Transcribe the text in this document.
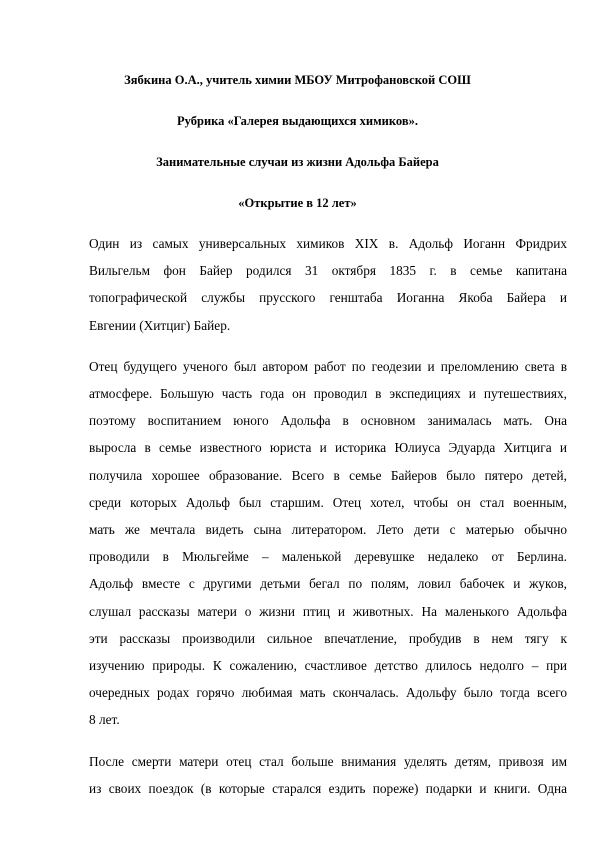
Зябкина О.А., учитель химии МБОУ Митрофановской СОШ
Рубрика «Галерея выдающихся химиков».
Занимательные случаи из жизни Адольфа Байера
«Открытие в 12 лет»

Один из самых универсальных химиков XIX в. Адольф Иоганн Фридрих
Вильгельм фон Байер родился 31 октября 1835 г. в семье капитана
топографической службы прусского генштаба Иоганна Якоба Байера и
Евгении (Хитциг) Байер.

Отец будущего ученого был автором работ по геодезии и преломлению света в
атмосфере. Большую часть года он проводил в экспедициях и путешествиях,
поэтому воспитанием юного Адольфа в основном занималась мать. Она
выросла в семье известного юриста и историка Юлиуса Эдуарда Хитцига и
получила хорошее образование. Всего в семье Байеров было пятеро детей,
среди которых Адольф был старшим. Отец хотел, чтобы он стал военным,
мать же мечтала видеть сына литератором. Лето дети с матерью обычно
проводили в Мюльгейме – маленькой деревушке недалеко от Берлина.
Адольф вместе с другими детьми бегал по полям, ловил бабочек и жуков,
слушал рассказы матери о жизни птиц и животных. На маленького Адольфа
эти рассказы производили сильное впечатление, пробудив в нем тягу к
изучению природы. К сожалению, счастливое детство длилось недолго – при
очередных родах горячо любимая мать скончалась. Адольфу было тогда всего
8 лет.

После смерти матери отец стал больше внимания уделять детям, привозя им
из своих поездок (в которые старался ездить пореже) подарки и книги. Одна
